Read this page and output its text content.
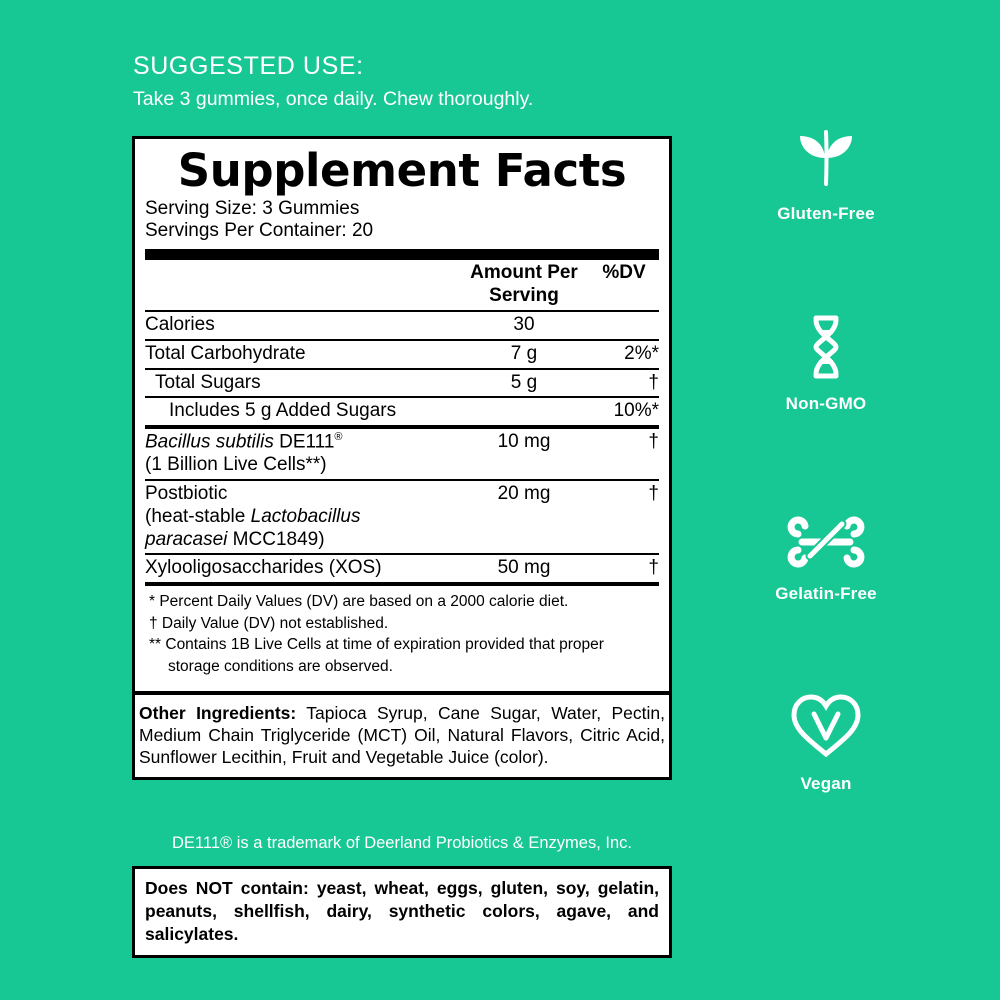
SUGGESTED USE:
Take 3 gummies, once daily. Chew thoroughly.
Supplement Facts
Serving Size: 3 Gummies
Servings Per Container: 20
	Amount Per Serving	%DV
Calories	30	
Total Carbohydrate	7 g	2%*
Total Sugars	5 g	†
Includes 5 g Added Sugars		10%*
Bacillus subtilis DE111®
(1 Billion Live Cells**)	10 mg	†
Postbiotic
(heat-stable Lactobacillus
paracasei MCC1849)	20 mg	†
Xylooligosaccharides (XOS)	50 mg	†
* Percent Daily Values (DV) are based on a 2000 calorie diet.
† Daily Value (DV) not established.
** Contains 1B Live Cells at time of expiration provided that proper
storage conditions are observed.
Other Ingredients: Tapioca Syrup, Cane Sugar, Water, Pectin, Medium Chain Triglyceride (MCT) Oil, Natural Flavors, Citric Acid, Sunflower Lecithin, Fruit and Vegetable Juice (color).
DE111® is a trademark of Deerland Probiotics & Enzymes, Inc.
Does NOT contain: yeast, wheat, eggs, gluten, soy, gelatin, peanuts, shellfish, dairy, synthetic colors, agave, and salicylates.
Gluten-Free
Non-GMO
Gelatin-Free
Vegan
